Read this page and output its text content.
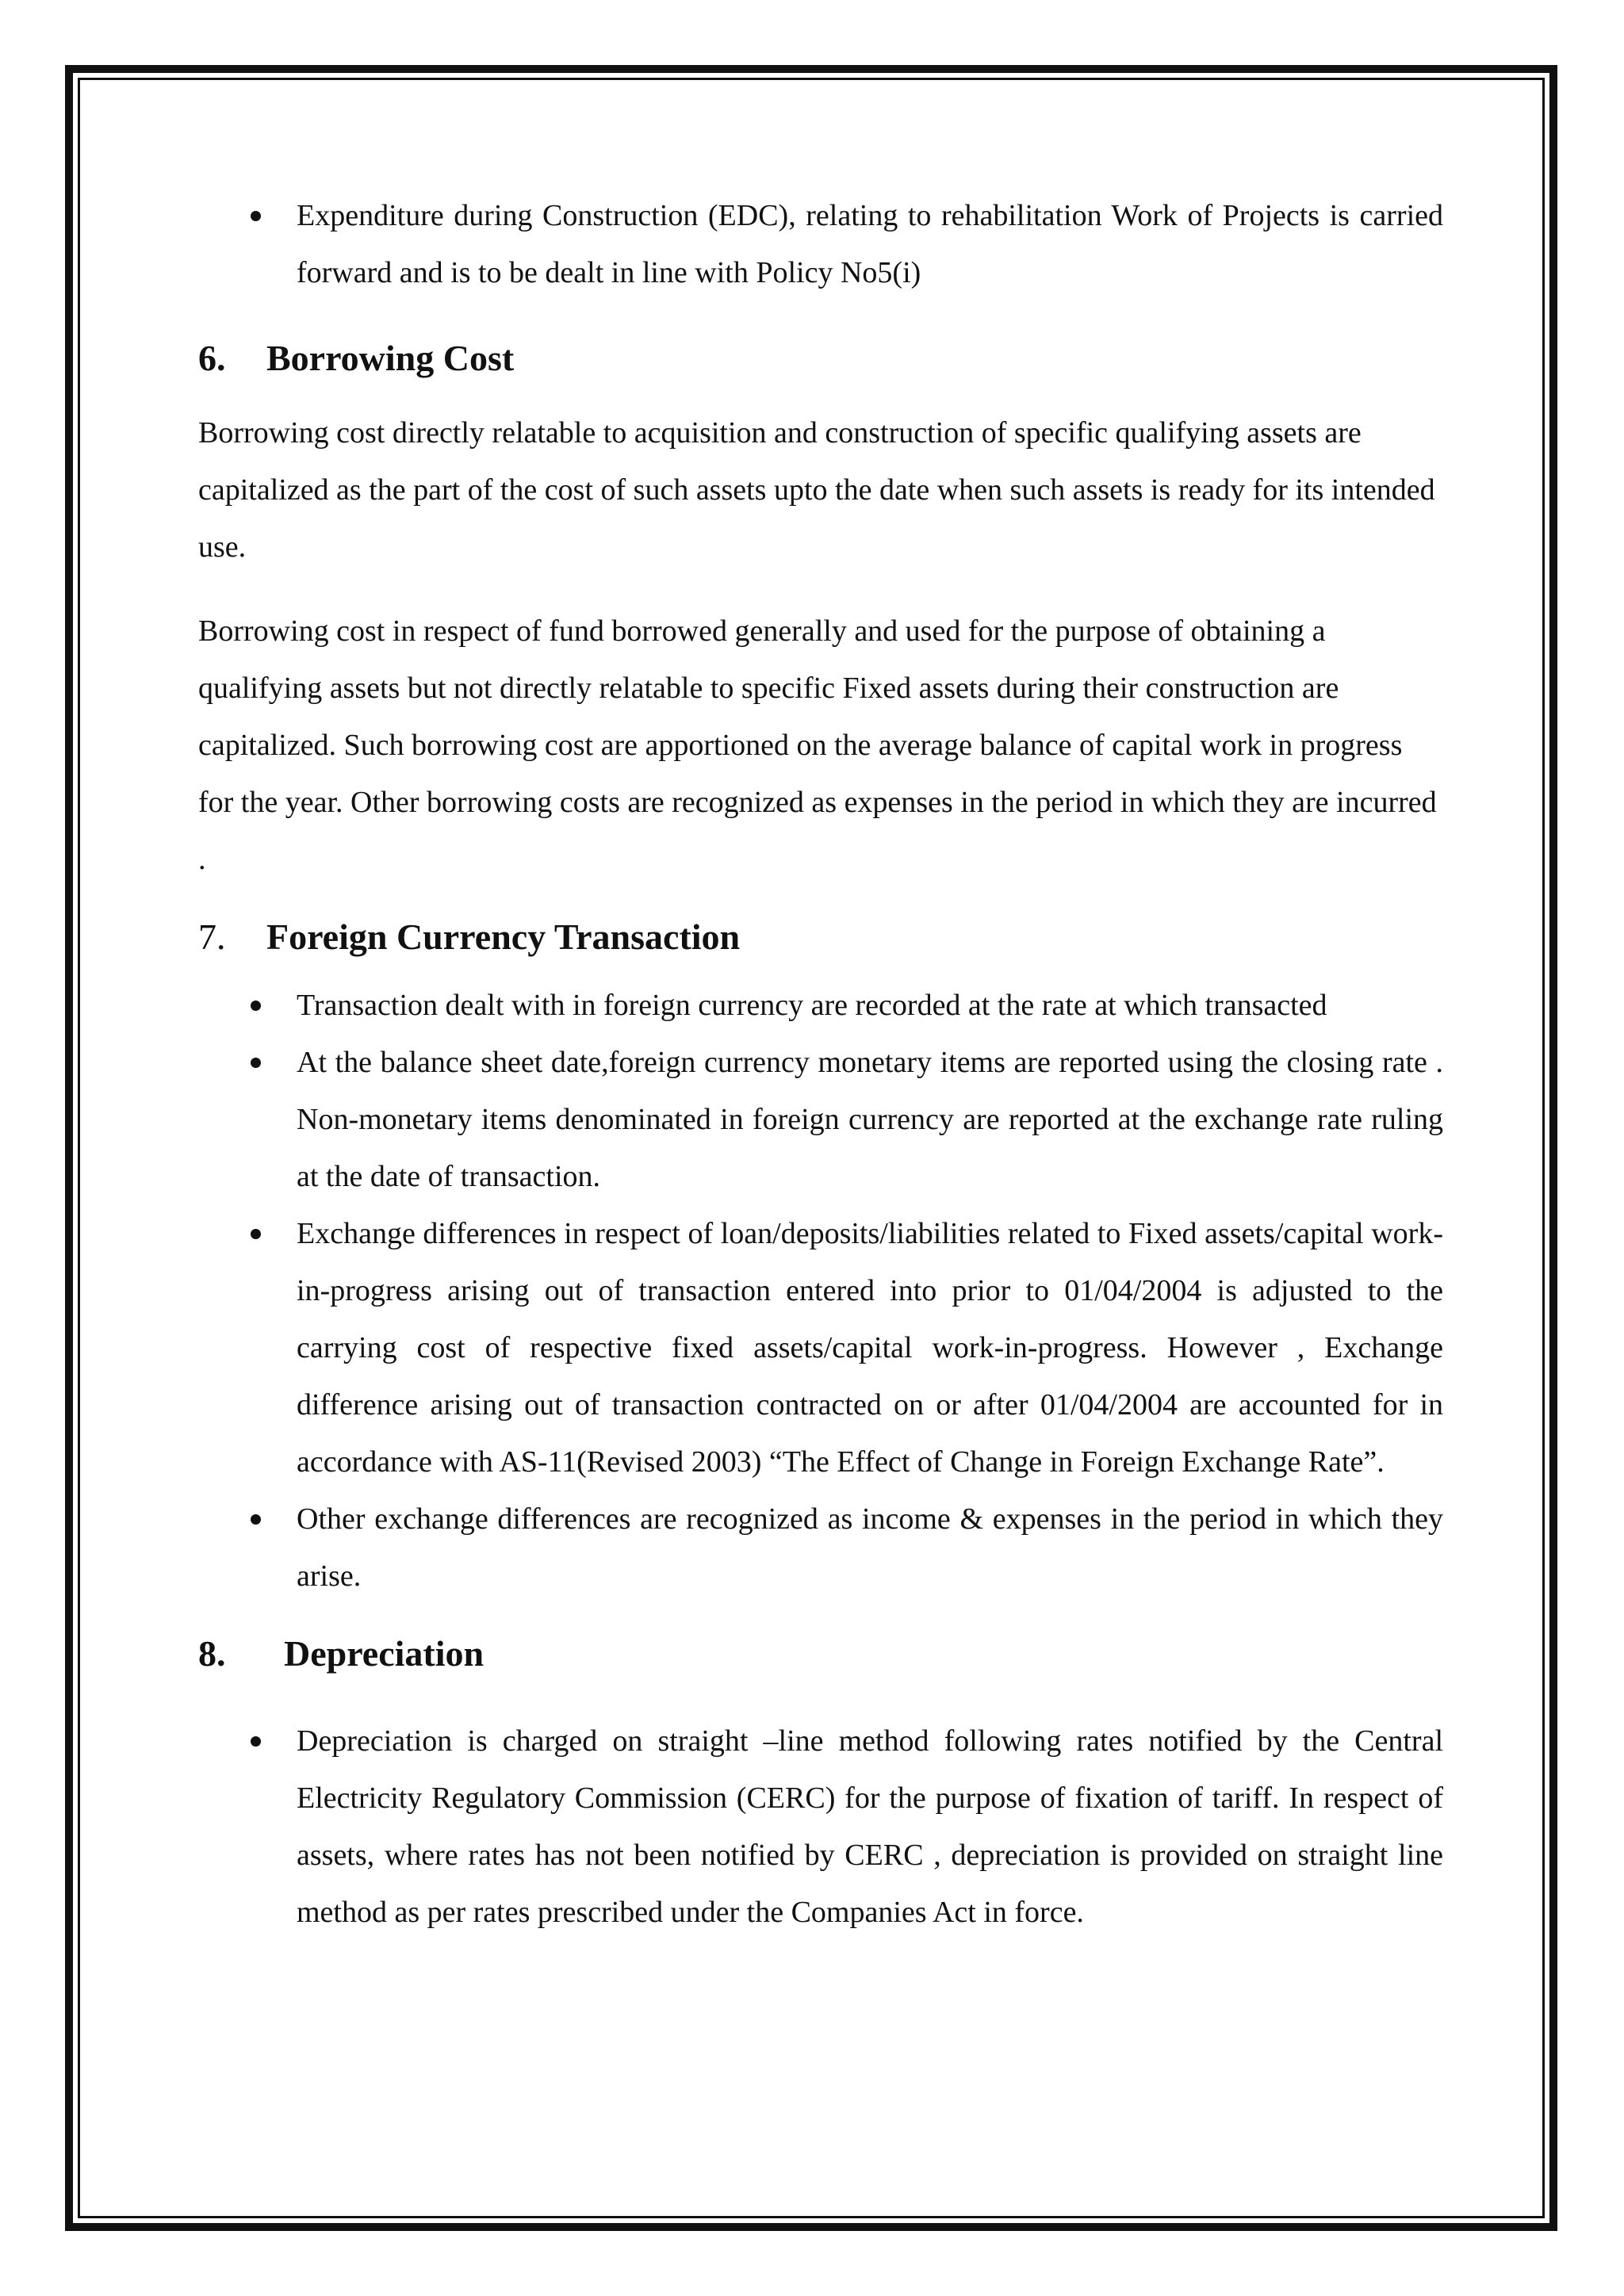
Expenditure during Construction (EDC), relating to rehabilitation Work of Projects is carried forward and is to be dealt in line with Policy No5(i)
6.	Borrowing Cost

Borrowing cost directly relatable to acquisition and construction of specific qualifying assets are capitalized as the part of the cost of such assets upto the date when such assets is ready for its intended use.

Borrowing cost in respect of fund borrowed generally and used for the purpose of obtaining a qualifying assets but not directly relatable to specific Fixed assets during their construction are capitalized. Such borrowing cost are apportioned on the average balance of capital work in progress for the year. Other borrowing costs are recognized as expenses in the period in which they are incurred .

7.	Foreign Currency Transaction
Transaction dealt with in foreign currency are recorded at the rate at which transacted
At the balance sheet date,foreign currency monetary items are reported using the closing rate . Non-monetary items denominated in foreign currency are reported at the exchange rate ruling at the date of transaction.
Exchange differences in respect of loan/deposits/liabilities related to Fixed assets/capital work-in-progress arising out of transaction entered into prior to 01/04/2004 is adjusted to the carrying cost of respective fixed assets/capital work-in-progress. However , Exchange difference arising out of transaction contracted on or after 01/04/2004 are accounted for in accordance with AS-11(Revised 2003) “The Effect of Change in Foreign Exchange Rate”.
Other exchange differences are recognized as income & expenses in the period in which they arise.
8.	Depreciation
Depreciation is charged on straight –line method following rates notified by the Central Electricity Regulatory Commission (CERC) for the purpose of fixation of tariff. In respect of assets, where rates has not been notified by CERC , depreciation is provided on straight line method as per rates prescribed under the Companies Act in force.
